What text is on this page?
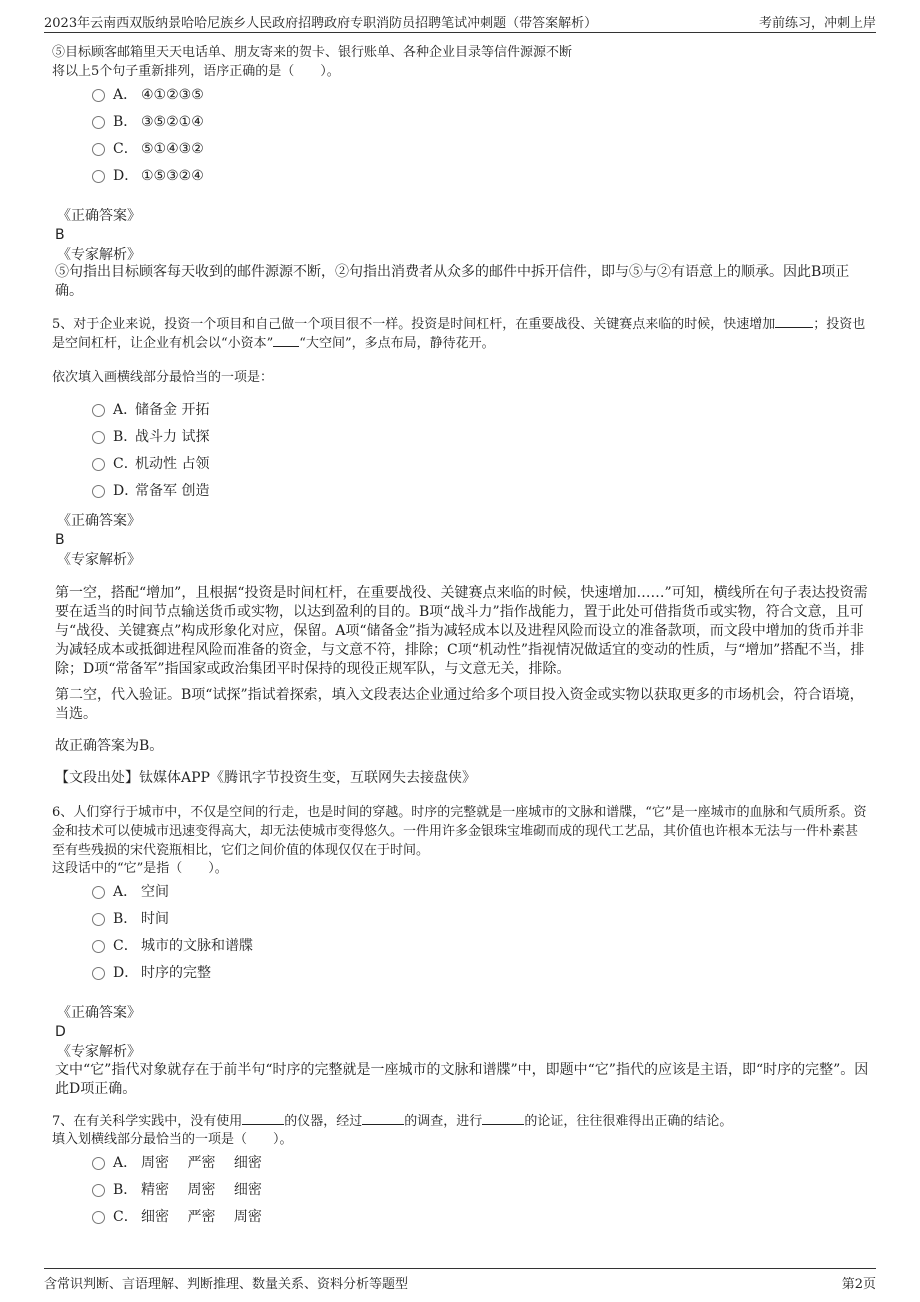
2023年云南西双版纳景哈哈尼族乡人民政府招聘政府专职消防员招聘笔试冲刺题（带答案解析）	考前练习，冲刺上岸
⑤目标顾客邮箱里天天电话单、朋友寄来的贺卡、银行账单、各种企业目录等信件源源不断
将以上5个句子重新排列，语序正确的是（　　）。
A． ④①②③⑤
B． ③⑤②①④
C． ⑤①④③②
D． ①⑤③②④
《正确答案》
B
《专家解析》
⑤句指出目标顾客每天收到的邮件源源不断，②句指出消费者从众多的邮件中拆开信件，即与⑤与②有语意上的顺承。因此B项正确。
5、对于企业来说，投资一个项目和自己做一个项目很不一样。投资是时间杠杆，在重要战役、关键赛点来临的时候，快速增加	；投资也是空间杠杆，让企业有机会以“小资本” “大空间”，多点布局，静待花开。
依次填入画横线部分最恰当的一项是：
A．储备金 开拓
B．战斗力 试探
C．机动性 占领
D．常备军 创造
《正确答案》
B
《专家解析》
第一空，搭配“增加”，且根据“投资是时间杠杆，在重要战役、关键赛点来临的时候，快速增加……”可知，横线所在句子表达投资需要在适当的时间节点输送货币或实物，以达到盈利的目的。B项“战斗力”指作战能力，置于此处可借指货币或实物，符合文意，且可与“战役、关键赛点”构成形象化对应，保留。A项“储备金”指为减轻成本以及进程风险而设立的准备款项，而文段中增加的货币并非为减轻成本或抵御进程风险而准备的资金，与文意不符，排除；C项“机动性”指视情况做适宜的变动的性质，与“增加”搭配不当，排除；D项“常备军”指国家或政治集团平时保持的现役正规军队，与文意无关，排除。
第二空，代入验证。B项“试探”指试着探索，填入文段表达企业通过给多个项目投入资金或实物以获取更多的市场机会，符合语境，当选。
故正确答案为B。
【文段出处】钛媒体APP《腾讯字节投资生变，互联网失去接盘侠》
6、人们穿行于城市中，不仅是空间的行走，也是时间的穿越。时序的完整就是一座城市的文脉和谱牒，“它”是一座城市的血脉和气质所系。资金和技术可以使城市迅速变得高大，却无法使城市变得悠久。一件用许多金银珠宝堆砌而成的现代工艺品，其价值也许根本无法与一件朴素甚至有些残损的宋代瓷瓶相比，它们之间价值的体现仅仅在于时间。
这段话中的“它”是指（　　）。
A． 空间
B． 时间
C． 城市的文脉和谱牒
D． 时序的完整
《正确答案》
D
《专家解析》
文中“它”指代对象就存在于前半句“时序的完整就是一座城市的文脉和谱牒”中，即题中“它”指代的应该是主语，即“时序的完整”。因此D项正确。
7、在有关科学实践中，没有使用	的仪器，经过	的调查，进行	的论证，往往很难得出正确的结论。
填入划横线部分最恰当的一项是（　　）。
A． 周密　 严密　 细密
B． 精密　 周密　 细密
C． 细密　 严密　 周密
含常识判断、言语理解、判断推理、数量关系、资料分析等题型	第2页
